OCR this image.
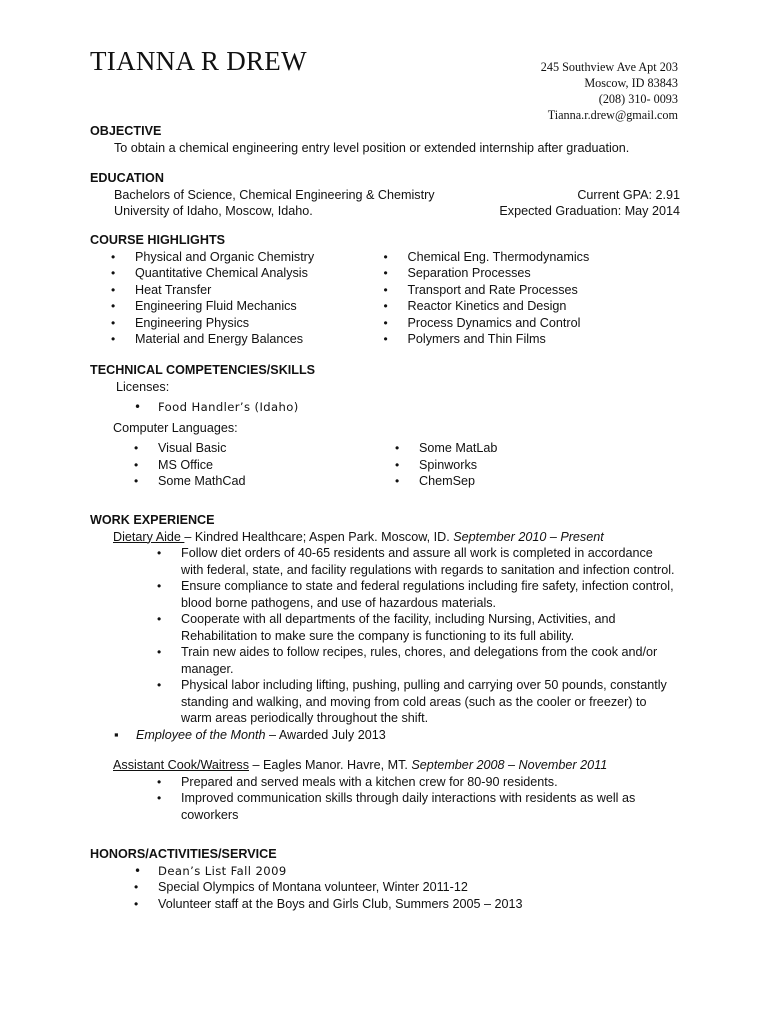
TIANNA R DREW	245 Southview Ave Apt 203
Moscow, ID 83843
(208) 310- 0093
Tianna.r.drew@gmail.com
OBJECTIVE
To obtain a chemical engineering entry level position or extended internship after graduation.
EDUCATION
Bachelors of Science, Chemical Engineering & Chemistry	Current GPA: 2.91
University of Idaho, Moscow, Idaho.	Expected Graduation: May 2014
COURSE HIGHLIGHTS
• Physical and Organic Chemistry
• Quantitative Chemical Analysis
• Heat Transfer
• Engineering Fluid Mechanics
• Engineering Physics
• Material and Energy Balances
• Chemical Eng. Thermodynamics
• Separation Processes
• Transport and Rate Processes
• Reactor Kinetics and Design
• Process Dynamics and Control
• Polymers and Thin Films
TECHNICAL COMPETENCIES/SKILLS
Licenses:
• Food Handler’s (Idaho)
Computer Languages:
• Visual Basic
• MS Office
• Some MathCad
• Some MatLab
• Spinworks
• ChemSep
WORK EXPERIENCE
Dietary Aide – Kindred Healthcare; Aspen Park. Moscow, ID. September 2010 – Present
• Follow diet orders of 40-65 residents and assure all work is completed in accordance with federal, state, and facility regulations with regards to sanitation and infection control.
• Ensure compliance to state and federal regulations including fire safety, infection control, blood borne pathogens, and use of hazardous materials.
• Cooperate with all departments of the facility, including Nursing, Activities, and Rehabilitation to make sure the company is functioning to its full ability.
• Train new aides to follow recipes, rules, chores, and delegations from the cook and/or manager.
• Physical labor including lifting, pushing, pulling and carrying over 50 pounds, constantly standing and walking, and moving from cold areas (such as the cooler or freezer) to warm areas periodically throughout the shift.
▪ Employee of the Month – Awarded July 2013
Assistant Cook/Waitress – Eagles Manor. Havre, MT. September 2008 – November 2011
• Prepared and served meals with a kitchen crew for 80-90 residents.
• Improved communication skills through daily interactions with residents as well as coworkers
HONORS/ACTIVITIES/SERVICE
• Dean’s List Fall 2009
• Special Olympics of Montana volunteer, Winter 2011-12
• Volunteer staff at the Boys and Girls Club, Summers 2005 – 2013
